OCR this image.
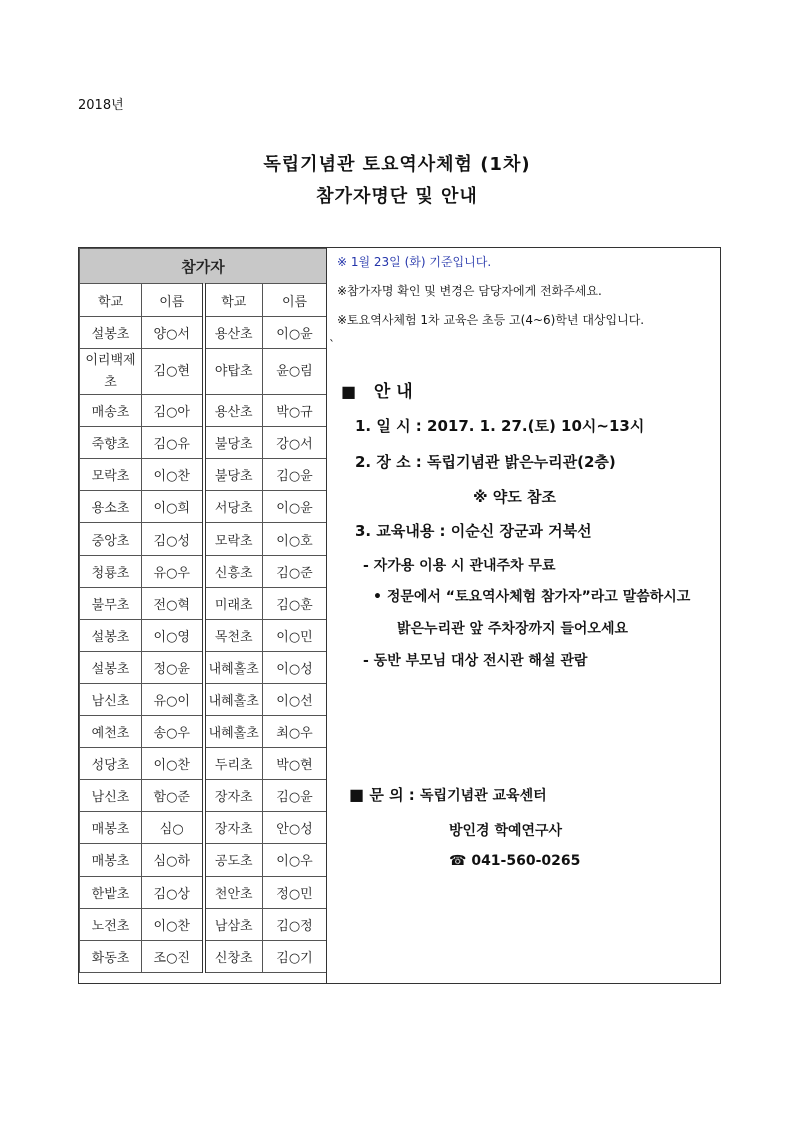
2018년
독립기념관 토요역사체험 (1차)
참가자명단 및 안내
참가자			
학교	이름	학교	이름
설봉초	양○서	용산초	이○윤
이리백제초	김○현	야탑초	윤○림
매송초	김○아	용산초	박○규
죽향초	김○유	불당초	강○서
모락초	이○찬	불당초	김○윤
용소초	이○희	서당초	이○윤
중앙초	김○성	모락초	이○호
청룡초	유○우	신흥초	김○준
불무초	전○혁	미래초	김○훈
설봉초	이○영	목천초	이○민
설봉초	정○윤	내혜홀초	이○성
남신초	유○이	내혜홀초	이○선
예천초	송○우	내혜홀초	최○우
성당초	이○찬	두리초	박○현
남신초	함○준	장자초	김○윤
매봉초	심○	장자초	안○성
매봉초	심○하	공도초	이○우
한밭초	김○상	천안초	정○민
노전초	이○찬	남삼초	김○정
화동초	조○진	신창초	김○기
※ 1월 23일 (화) 기준입니다.
※참가자명 확인 및 변경은 담당자에게 전화주세요.
※토요역사체험 1차 교육은 초등 고(4~6)학년 대상입니다.
`
■ 안 내
1. 일 시 : 2017. 1. 27.(토) 10시~13시
2. 장 소 : 독립기념관 밝은누리관(2층)
※ 약도 참조
3. 교육내용 : 이순신 장군과 거북선
- 자가용 이용 시 관내주차 무료
• 정문에서 “토요역사체험 참가자”라고 말씀하시고
밝은누리관 앞 주차장까지 들어오세요
- 동반 부모님 대상 전시관 해설 관람
■ 문 의 : 독립기념관 교육센터
방인경 학예연구사
☎ 041-560-0265
